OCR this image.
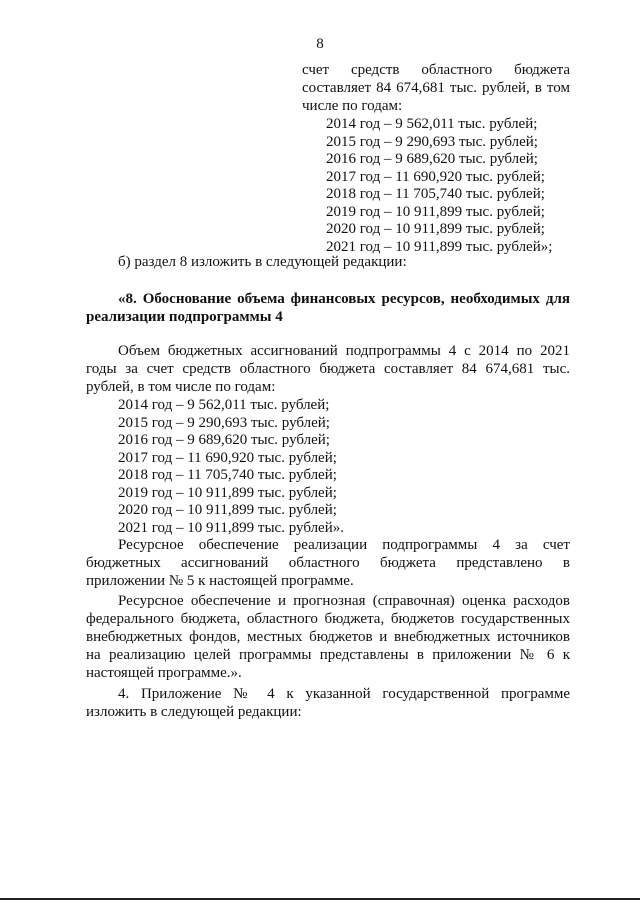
8
счет средств областного бюджета
составляет 84 674,681 тыс. рублей, в том
числе по годам:
2014 год – 9 562,011 тыс. рублей;
2015 год – 9 290,693 тыс. рублей;
2016 год – 9 689,620 тыс. рублей;
2017 год – 11 690,920 тыс. рублей;
2018 год – 11 705,740 тыс. рублей;
2019 год – 10 911,899 тыс. рублей;
2020 год – 10 911,899 тыс. рублей;
2021 год – 10 911,899 тыс. рублей»;
б) раздел 8 изложить в следующей редакции:
«8. Обоснование объема финансовых ресурсов, необходимых для
реализации подпрограммы 4
Объем бюджетных ассигнований подпрограммы 4 с 2014 по 2021
годы за счет средств областного бюджета составляет 84 674,681 тыс.
рублей, в том числе по годам:
2014 год – 9 562,011 тыс. рублей;
2015 год – 9 290,693 тыс. рублей;
2016 год – 9 689,620 тыс. рублей;
2017 год – 11 690,920 тыс. рублей;
2018 год – 11 705,740 тыс. рублей;
2019 год – 10 911,899 тыс. рублей;
2020 год – 10 911,899 тыс. рублей;
2021 год – 10 911,899 тыс. рублей».
Ресурсное обеспечение реализации подпрограммы 4 за счет
бюджетных ассигнований областного бюджета представлено в
приложении № 5 к настоящей программе.
Ресурсное обеспечение и прогнозная (справочная) оценка расходов
федерального бюджета, областного бюджета, бюджетов государственных
внебюджетных фондов, местных бюджетов и внебюджетных источников
на реализацию целей программы представлены в приложении № 6 к
настоящей программе.».
4. Приложение № 4 к указанной государственной программе
изложить в следующей редакции:
